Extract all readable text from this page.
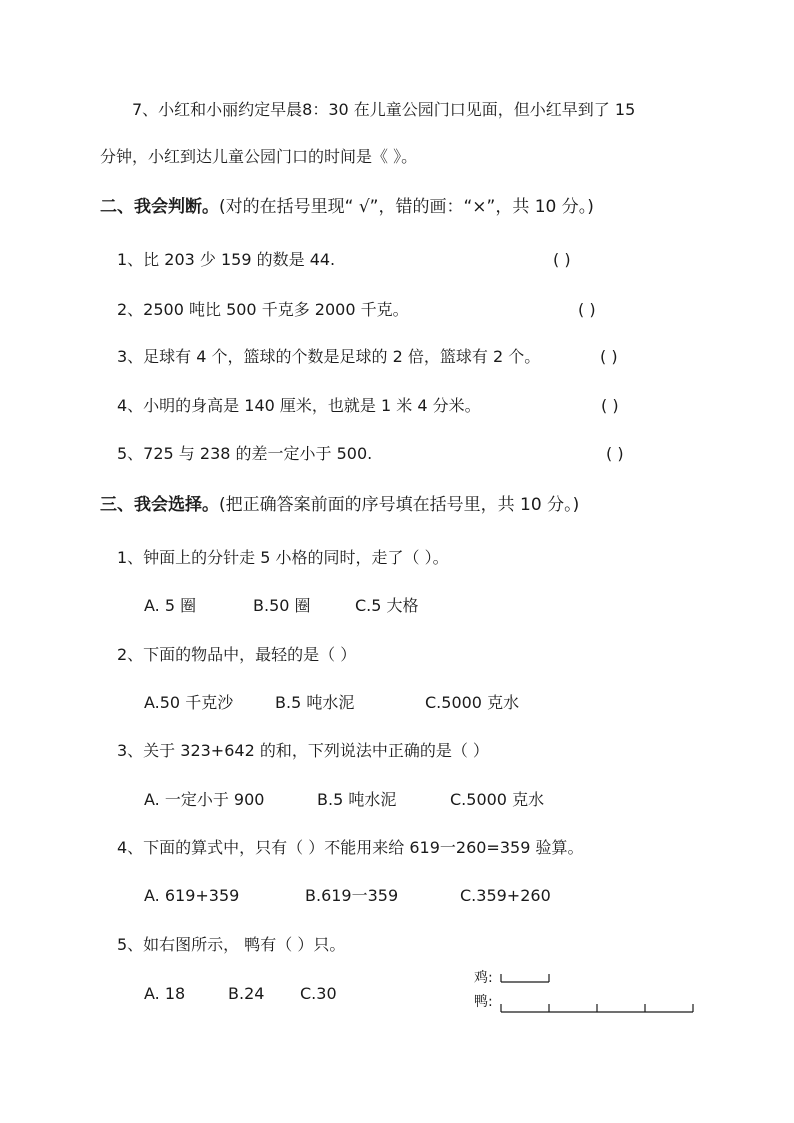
7、小红和小丽约定早晨8：30 在儿童公园门口见面，但小红早到了 15
分钟，小红到达儿童公园门口的时间是《 》。
二、我会判断。(对的在括号里现“ √”，错的画：“×”，共 10 分。)
1、比 203 少 159 的数是 44.	( )
2、2500 吨比 500 千克多 2000 千克。	( )
3、足球有 4 个，篮球的个数是足球的 2 倍，篮球有 2 个。	( )
4、小明的身高是 140 厘米，也就是 1 米 4 分米。	( )
5、725 与 238 的差一定小于 500.	( )
三、我会选择。(把正确答案前面的序号填在括号里，共 10 分。)
1、钟面上的分针走 5 小格的同时，走了（ ）。
A. 5 圈	B.50 圈	C.5 大格
2、下面的物品中，最轻的是（ ）
A.50 千克沙	B.5 吨水泥	C.5000 克水
3、关于 323+642 的和，下列说法中正确的是（ ）
A. 一定小于 900	B.5 吨水泥	C.5000 克水
4、下面的算式中，只有（ ）不能用来给 619一260=359 验算。
A. 619+359	B.619一359	C.359+260
5、如右图所示， 鸭有（ ）只。
A. 18	B.24 C.30
鸡:
鸭:
